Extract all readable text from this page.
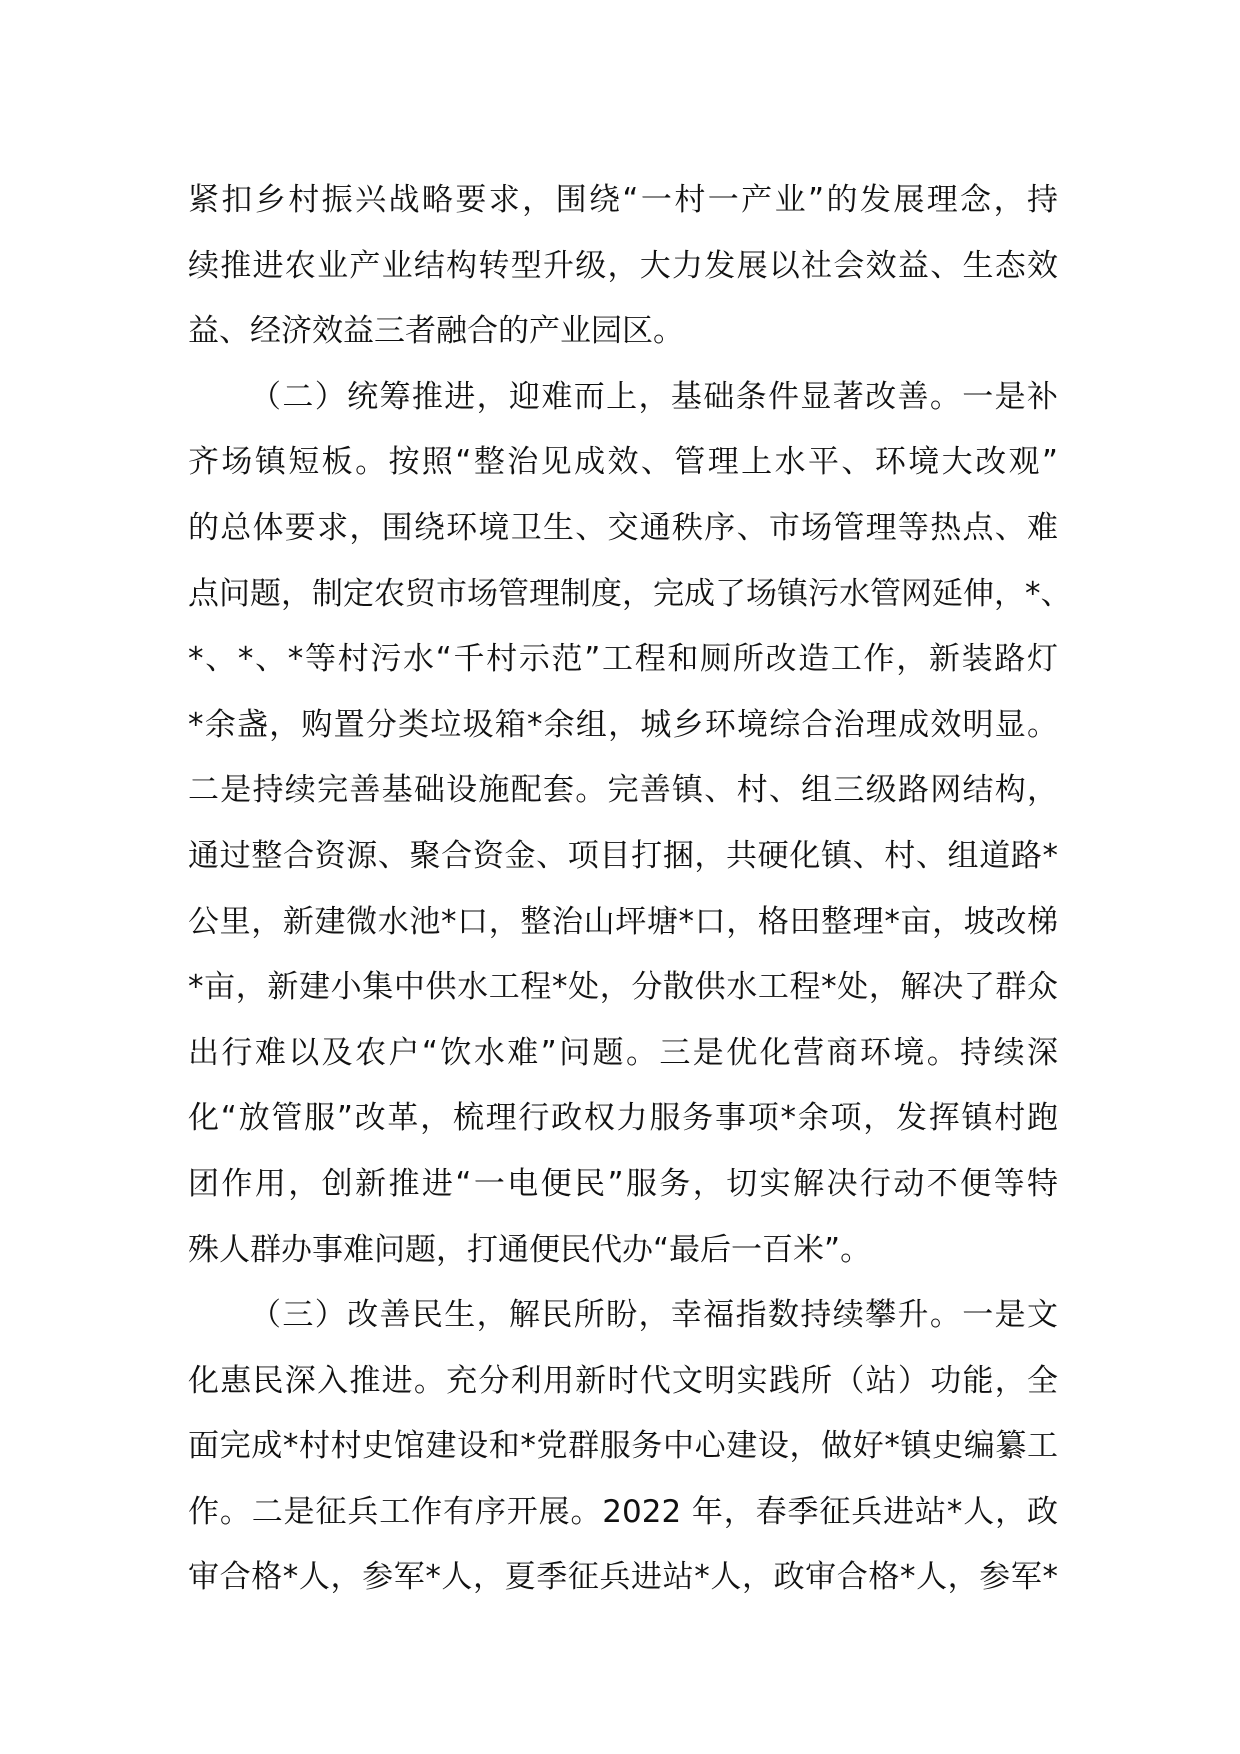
紧扣乡村振兴战略要求，围绕“一村一产业”的发展理念，持
续推进农业产业结构转型升级，大力发展以社会效益、生态效
益、经济效益三者融合的产业园区。
（二）统筹推进，迎难而上，基础条件显著改善。一是补
齐场镇短板。按照“整治见成效、管理上水平、环境大改观”
的总体要求，围绕环境卫生、交通秩序、市场管理等热点、难
点问题，制定农贸市场管理制度，完成了场镇污水管网延伸，*、
*、*、*等村污水“千村示范”工程和厕所改造工作，新装路灯
*余盏，购置分类垃圾箱*余组，城乡环境综合治理成效明显。
二是持续完善基础设施配套。完善镇、村、组三级路网结构，
通过整合资源、聚合资金、项目打捆，共硬化镇、村、组道路*
公里，新建微水池*口，整治山坪塘*口，格田整理*亩，坡改梯
*亩，新建小集中供水工程*处，分散供水工程*处，解决了群众
出行难以及农户“饮水难”问题。三是优化营商环境。持续深
化“放管服”改革，梳理行政权力服务事项*余项，发挥镇村跑
团作用，创新推进“一电便民”服务，切实解决行动不便等特
殊人群办事难问题，打通便民代办“最后一百米”。
（三）改善民生，解民所盼，幸福指数持续攀升。一是文
化惠民深入推进。充分利用新时代文明实践所（站）功能，全
面完成*村村史馆建设和*党群服务中心建设，做好*镇史编纂工
作。二是征兵工作有序开展。2022 年，春季征兵进站*人，政
审合格*人，参军*人，夏季征兵进站*人，政审合格*人，参军*
